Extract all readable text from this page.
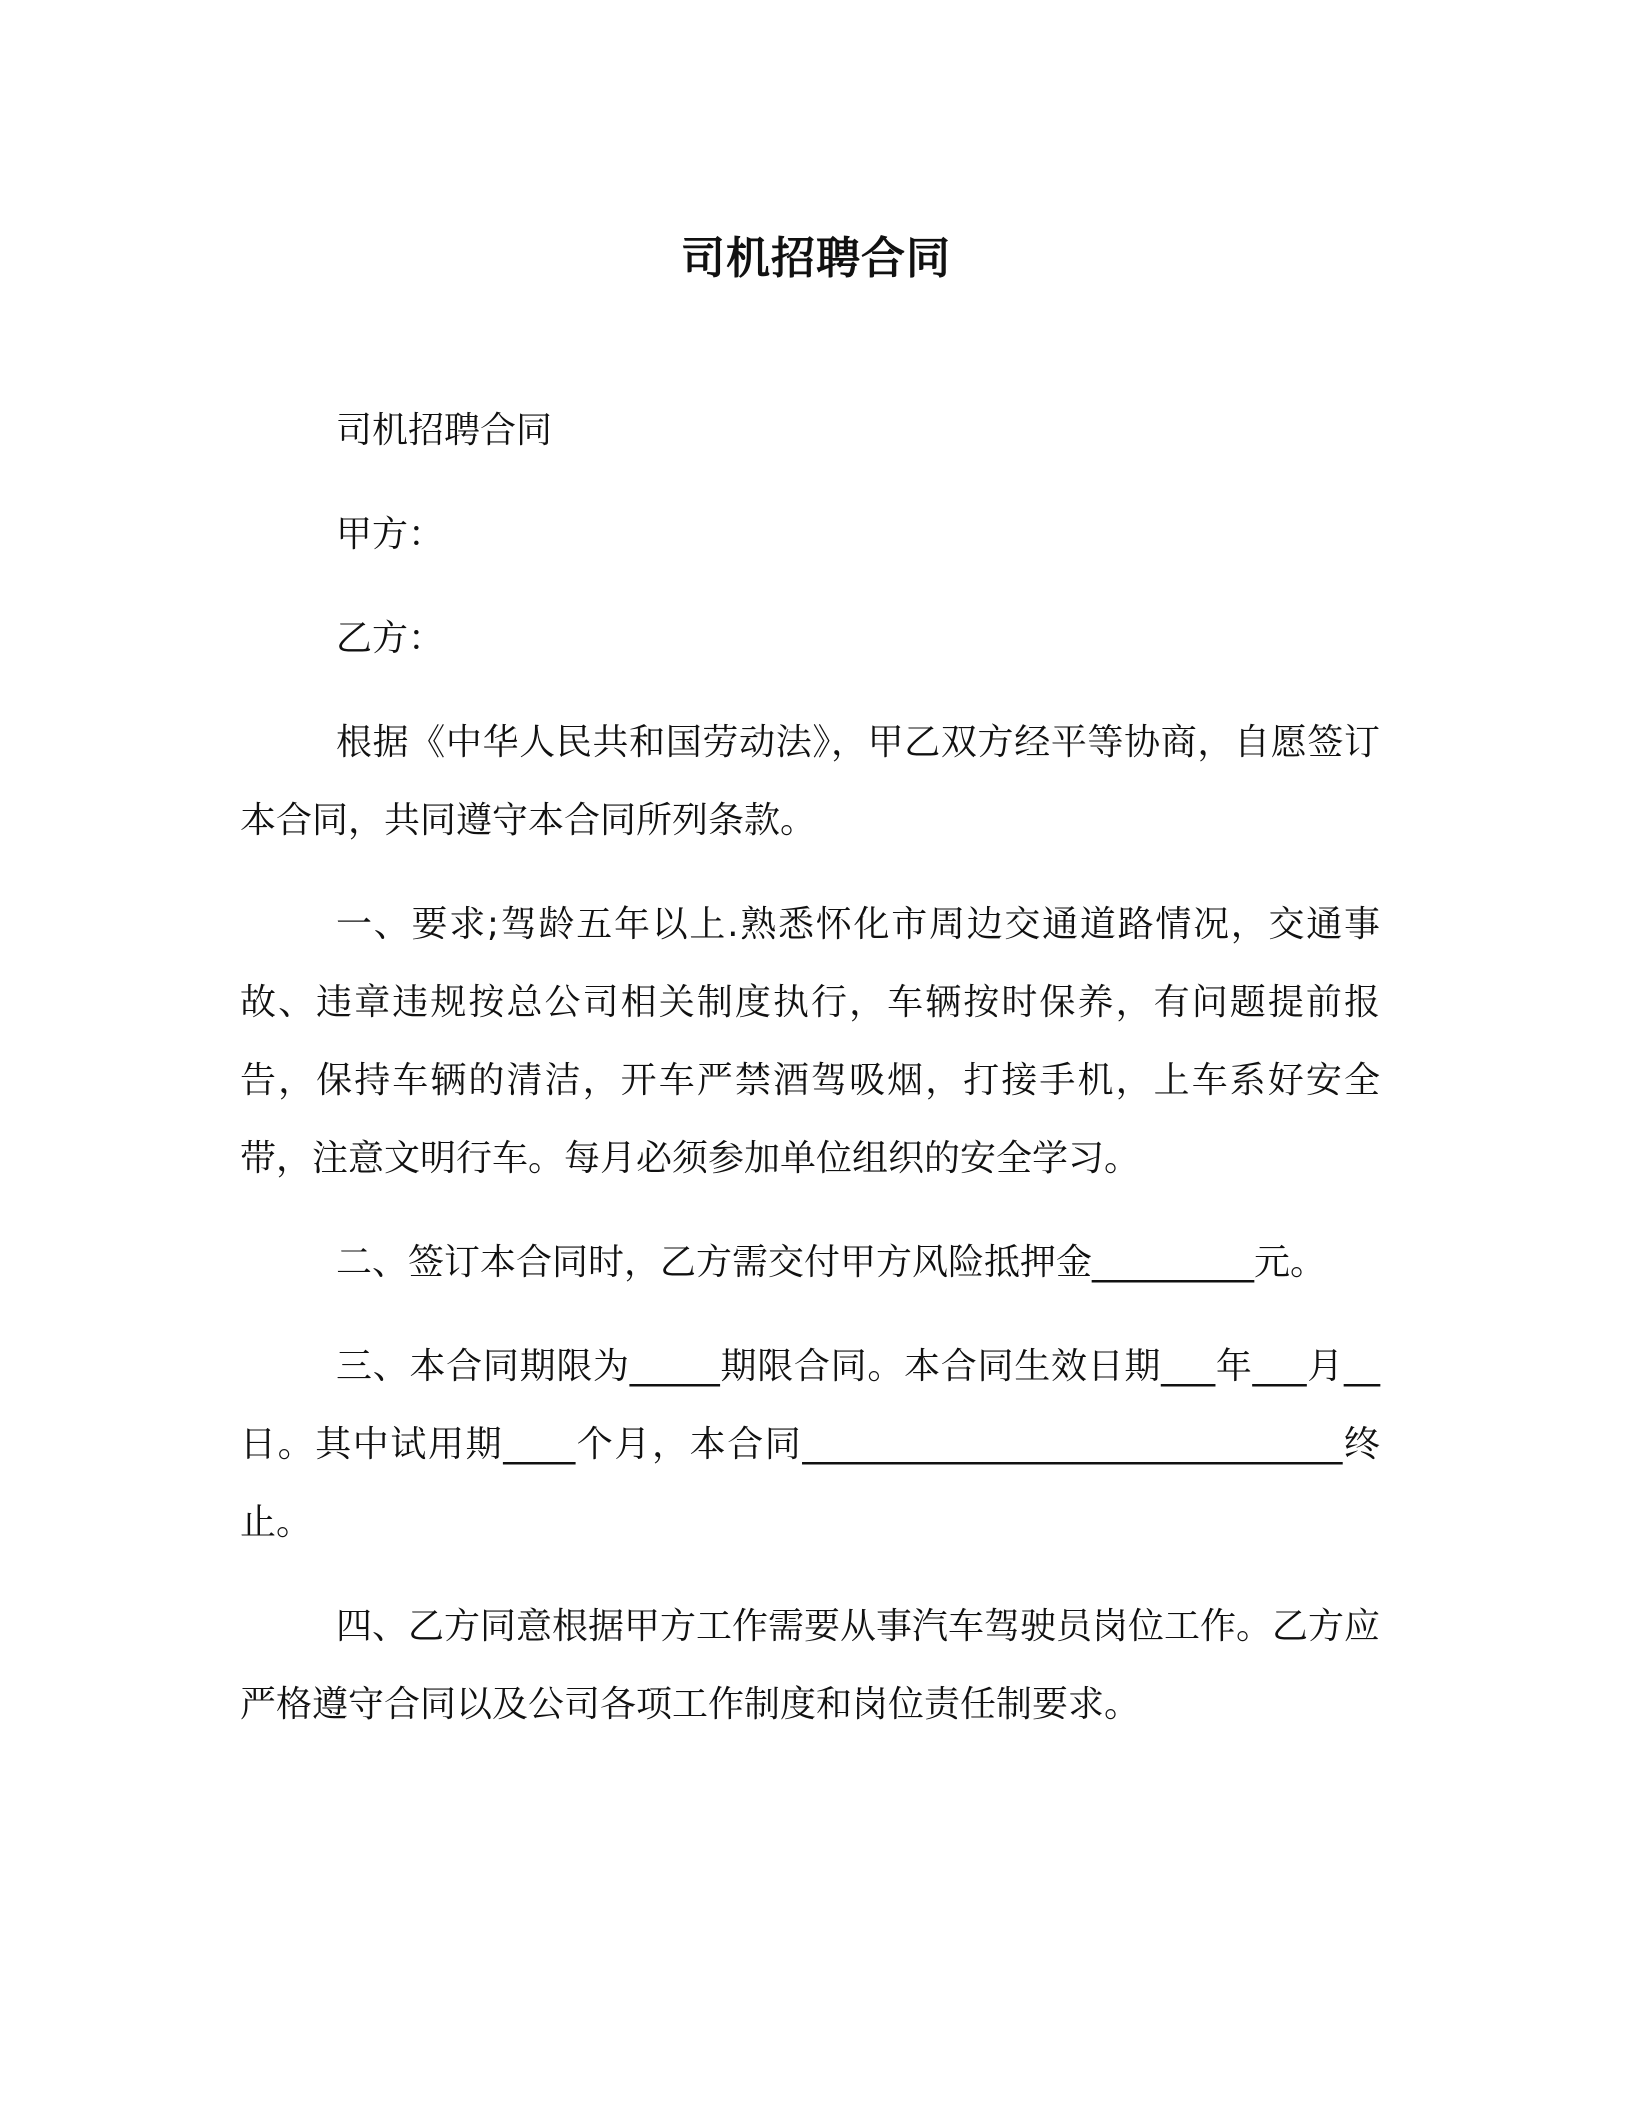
司机招聘合同

司机招聘合同

甲方：

乙方：

根据《中华人民共和国劳动法》，甲乙双方经平等协商，自愿签订本合同，共同遵守本合同所列条款。

一、要求;驾龄五年以上.熟悉怀化市周边交通道路情况，交通事故、违章违规按总公司相关制度执行，车辆按时保养，有问题提前报告，保持车辆的清洁，开车严禁酒驾吸烟，打接手机，上车系好安全带，注意文明行车。每月必须参加单位组织的安全学习。

二、签订本合同时，乙方需交付甲方风险抵押金_________元。

三、本合同期限为_____期限合同。本合同生效日期___年___月__日。其中试用期____个月，本合同______________________________终止。

四、乙方同意根据甲方工作需要从事汽车驾驶员岗位工作。乙方应严格遵守合同以及公司各项工作制度和岗位责任制要求。
